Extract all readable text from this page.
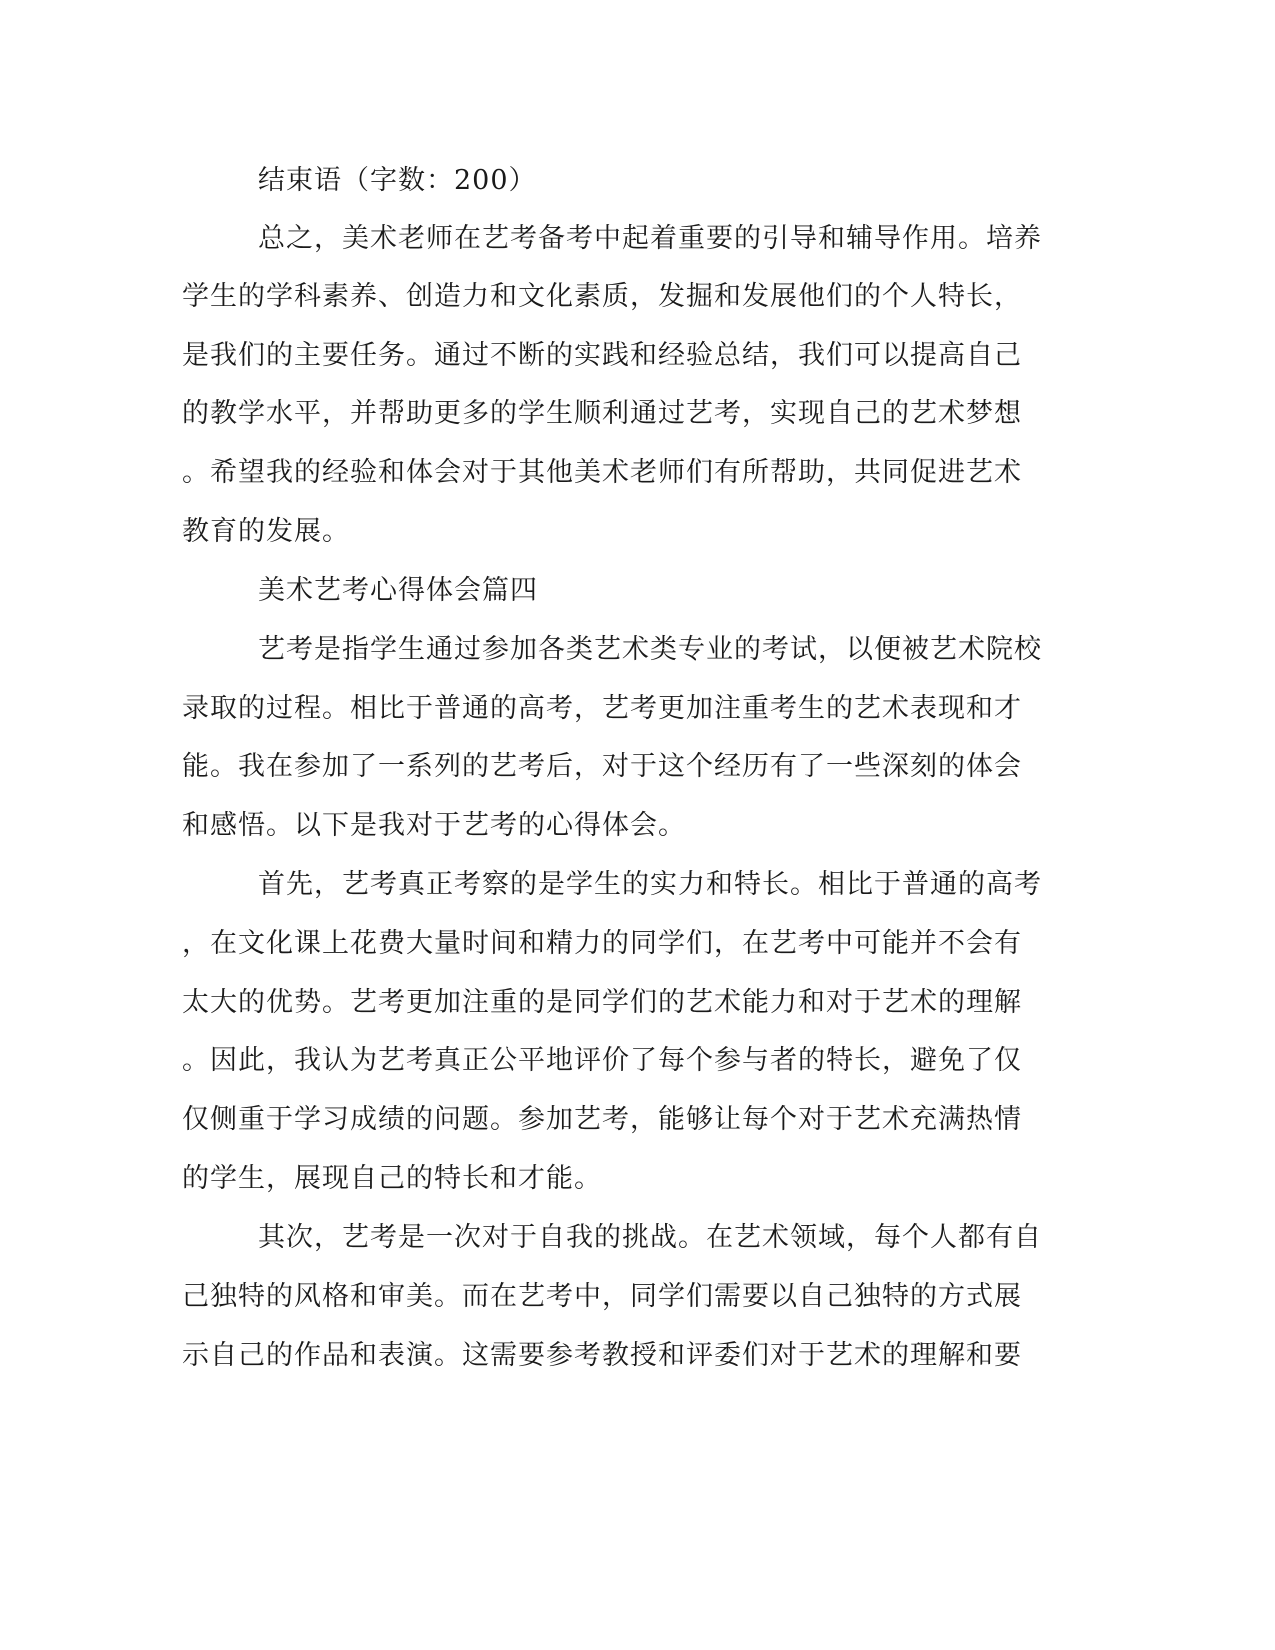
结束语（字数：200）
总之，美术老师在艺考备考中起着重要的引导和辅导作用。培养
学生的学科素养、创造力和文化素质，发掘和发展他们的个人特长，
是我们的主要任务。通过不断的实践和经验总结，我们可以提高自己
的教学水平，并帮助更多的学生顺利通过艺考，实现自己的艺术梦想
。希望我的经验和体会对于其他美术老师们有所帮助，共同促进艺术
教育的发展。
美术艺考心得体会篇四
艺考是指学生通过参加各类艺术类专业的考试，以便被艺术院校
录取的过程。相比于普通的高考，艺考更加注重考生的艺术表现和才
能。我在参加了一系列的艺考后，对于这个经历有了一些深刻的体会
和感悟。以下是我对于艺考的心得体会。
首先，艺考真正考察的是学生的实力和特长。相比于普通的高考
，在文化课上花费大量时间和精力的同学们，在艺考中可能并不会有
太大的优势。艺考更加注重的是同学们的艺术能力和对于艺术的理解
。因此，我认为艺考真正公平地评价了每个参与者的特长，避免了仅
仅侧重于学习成绩的问题。参加艺考，能够让每个对于艺术充满热情
的学生，展现自己的特长和才能。
其次，艺考是一次对于自我的挑战。在艺术领域，每个人都有自
己独特的风格和审美。而在艺考中，同学们需要以自己独特的方式展
示自己的作品和表演。这需要参考教授和评委们对于艺术的理解和要
